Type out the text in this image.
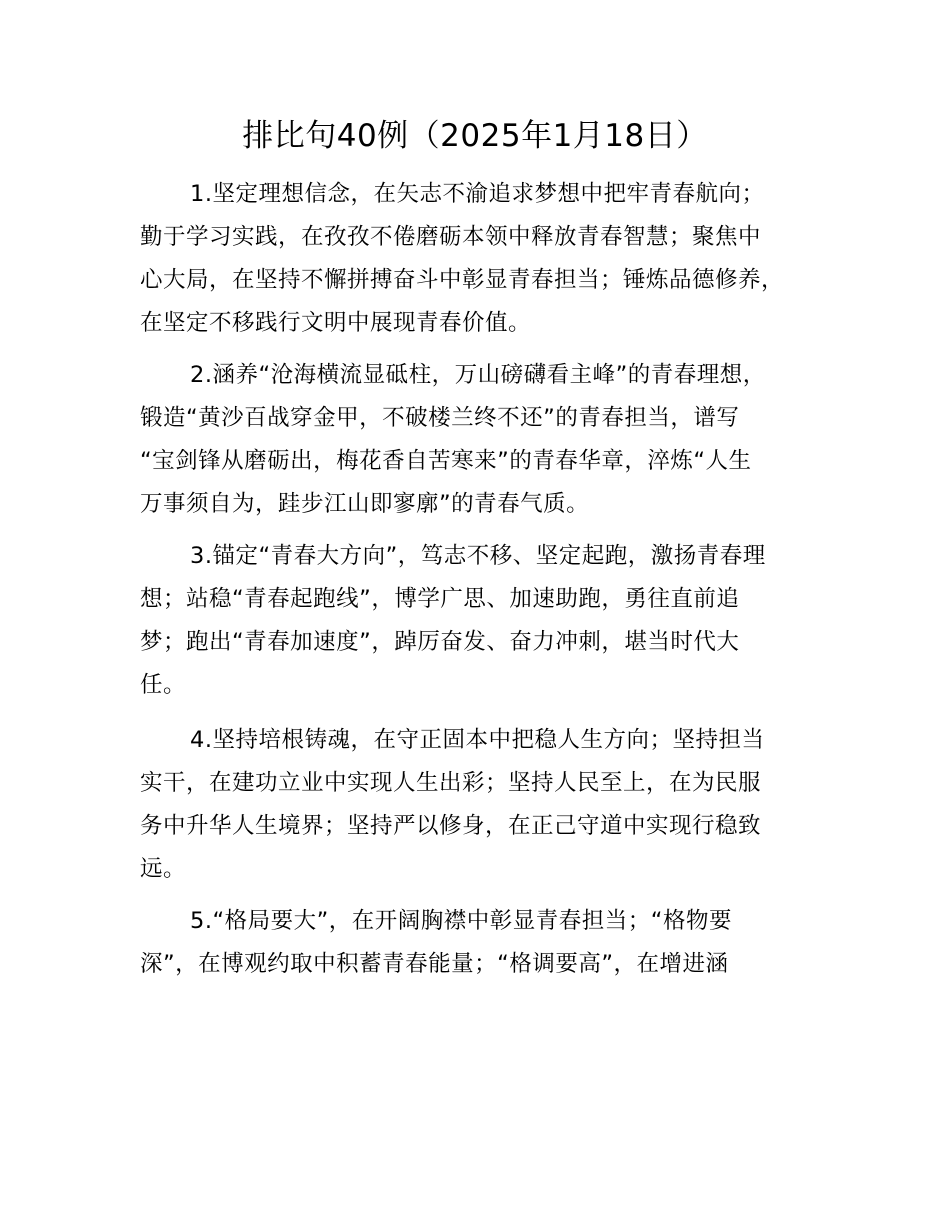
排比句40例（2025年1月18日）
1.坚定理想信念，在矢志不渝追求梦想中把牢青春航向；
勤于学习实践，在孜孜不倦磨砺本领中释放青春智慧；聚焦中
心大局，在坚持不懈拼搏奋斗中彰显青春担当；锤炼品德修养，
在坚定不移践行文明中展现青春价值。
2.涵养“沧海横流显砥柱，万山磅礴看主峰”的青春理想，
锻造“黄沙百战穿金甲，不破楼兰终不还”的青春担当，谱写
“宝剑锋从磨砺出，梅花香自苦寒来”的青春华章，淬炼“人生
万事须自为，跬步江山即寥廓”的青春气质。
3.锚定“青春大方向”，笃志不移、坚定起跑，激扬青春理
想；站稳“青春起跑线”，博学广思、加速助跑，勇往直前追
梦；跑出“青春加速度”，踔厉奋发、奋力冲刺，堪当时代大
任。
4.坚持培根铸魂，在守正固本中把稳人生方向；坚持担当
实干，在建功立业中实现人生出彩；坚持人民至上，在为民服
务中升华人生境界；坚持严以修身，在正己守道中实现行稳致
远。
5.“格局要大”，在开阔胸襟中彰显青春担当；“格物要
深”，在博观约取中积蓄青春能量；“格调要高”，在增进涵
